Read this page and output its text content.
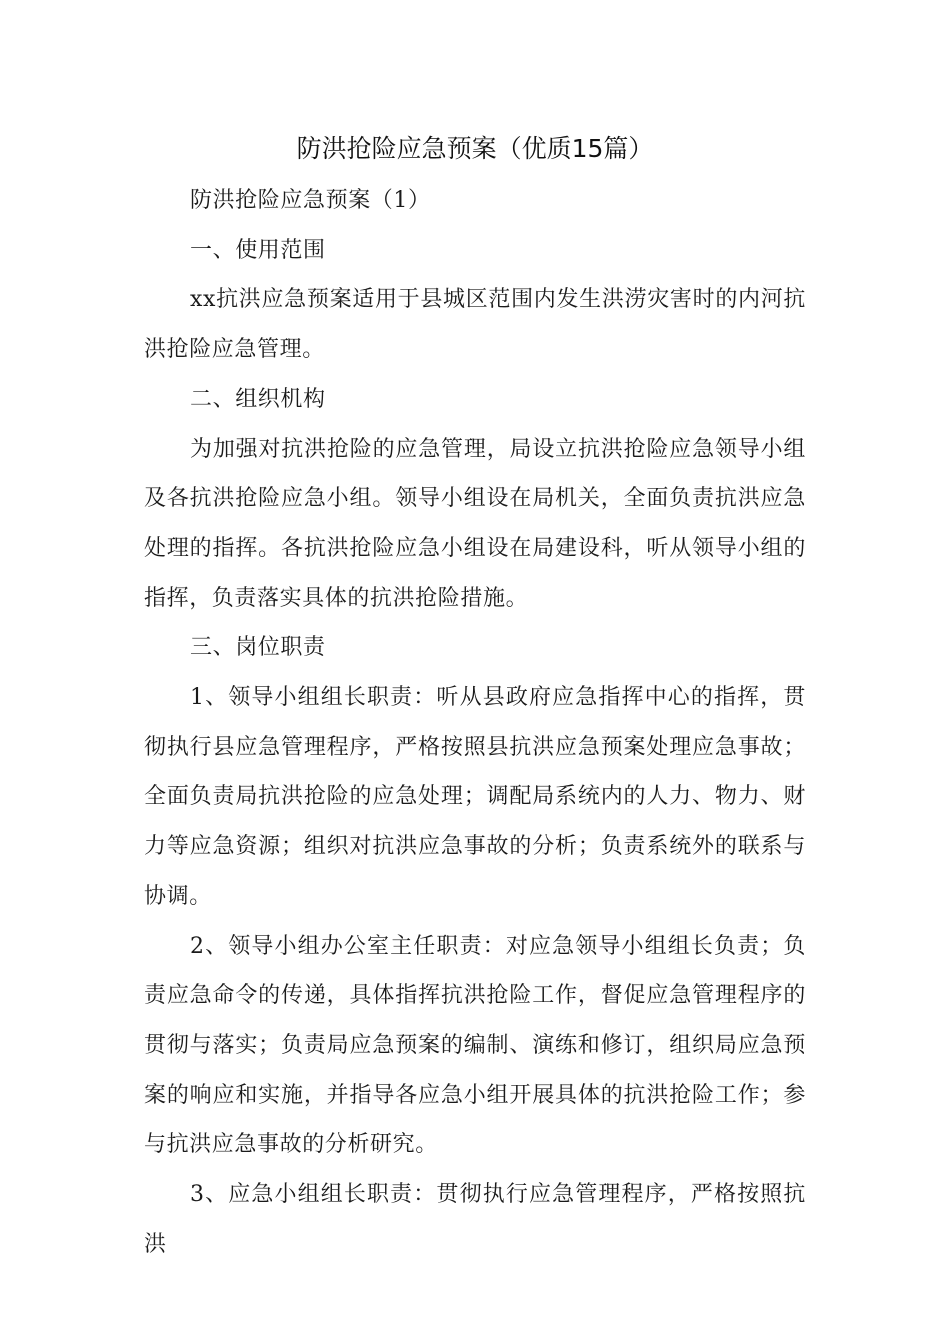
防洪抢险应急预案（优质15篇）

防洪抢险应急预案（1）

一、使用范围

xx抗洪应急预案适用于县城区范围内发生洪涝灾害时的内河抗洪抢险应急管理。

二、组织机构

为加强对抗洪抢险的应急管理，局设立抗洪抢险应急领导小组及各抗洪抢险应急小组。领导小组设在局机关，全面负责抗洪应急处理的指挥。各抗洪抢险应急小组设在局建设科，听从领导小组的指挥，负责落实具体的抗洪抢险措施。

三、岗位职责

1、领导小组组长职责：听从县政府应急指挥中心的指挥，贯彻执行县应急管理程序，严格按照县抗洪应急预案处理应急事故；全面负责局抗洪抢险的应急处理；调配局系统内的人力、物力、财力等应急资源；组织对抗洪应急事故的分析；负责系统外的联系与协调。

2、领导小组办公室主任职责：对应急领导小组组长负责；负责应急命令的传递，具体指挥抗洪抢险工作，督促应急管理程序的贯彻与落实；负责局应急预案的编制、演练和修订，组织局应急预案的响应和实施，并指导各应急小组开展具体的抗洪抢险工作；参与抗洪应急事故的分析研究。

3、应急小组组长职责：贯彻执行应急管理程序，严格按照抗洪
